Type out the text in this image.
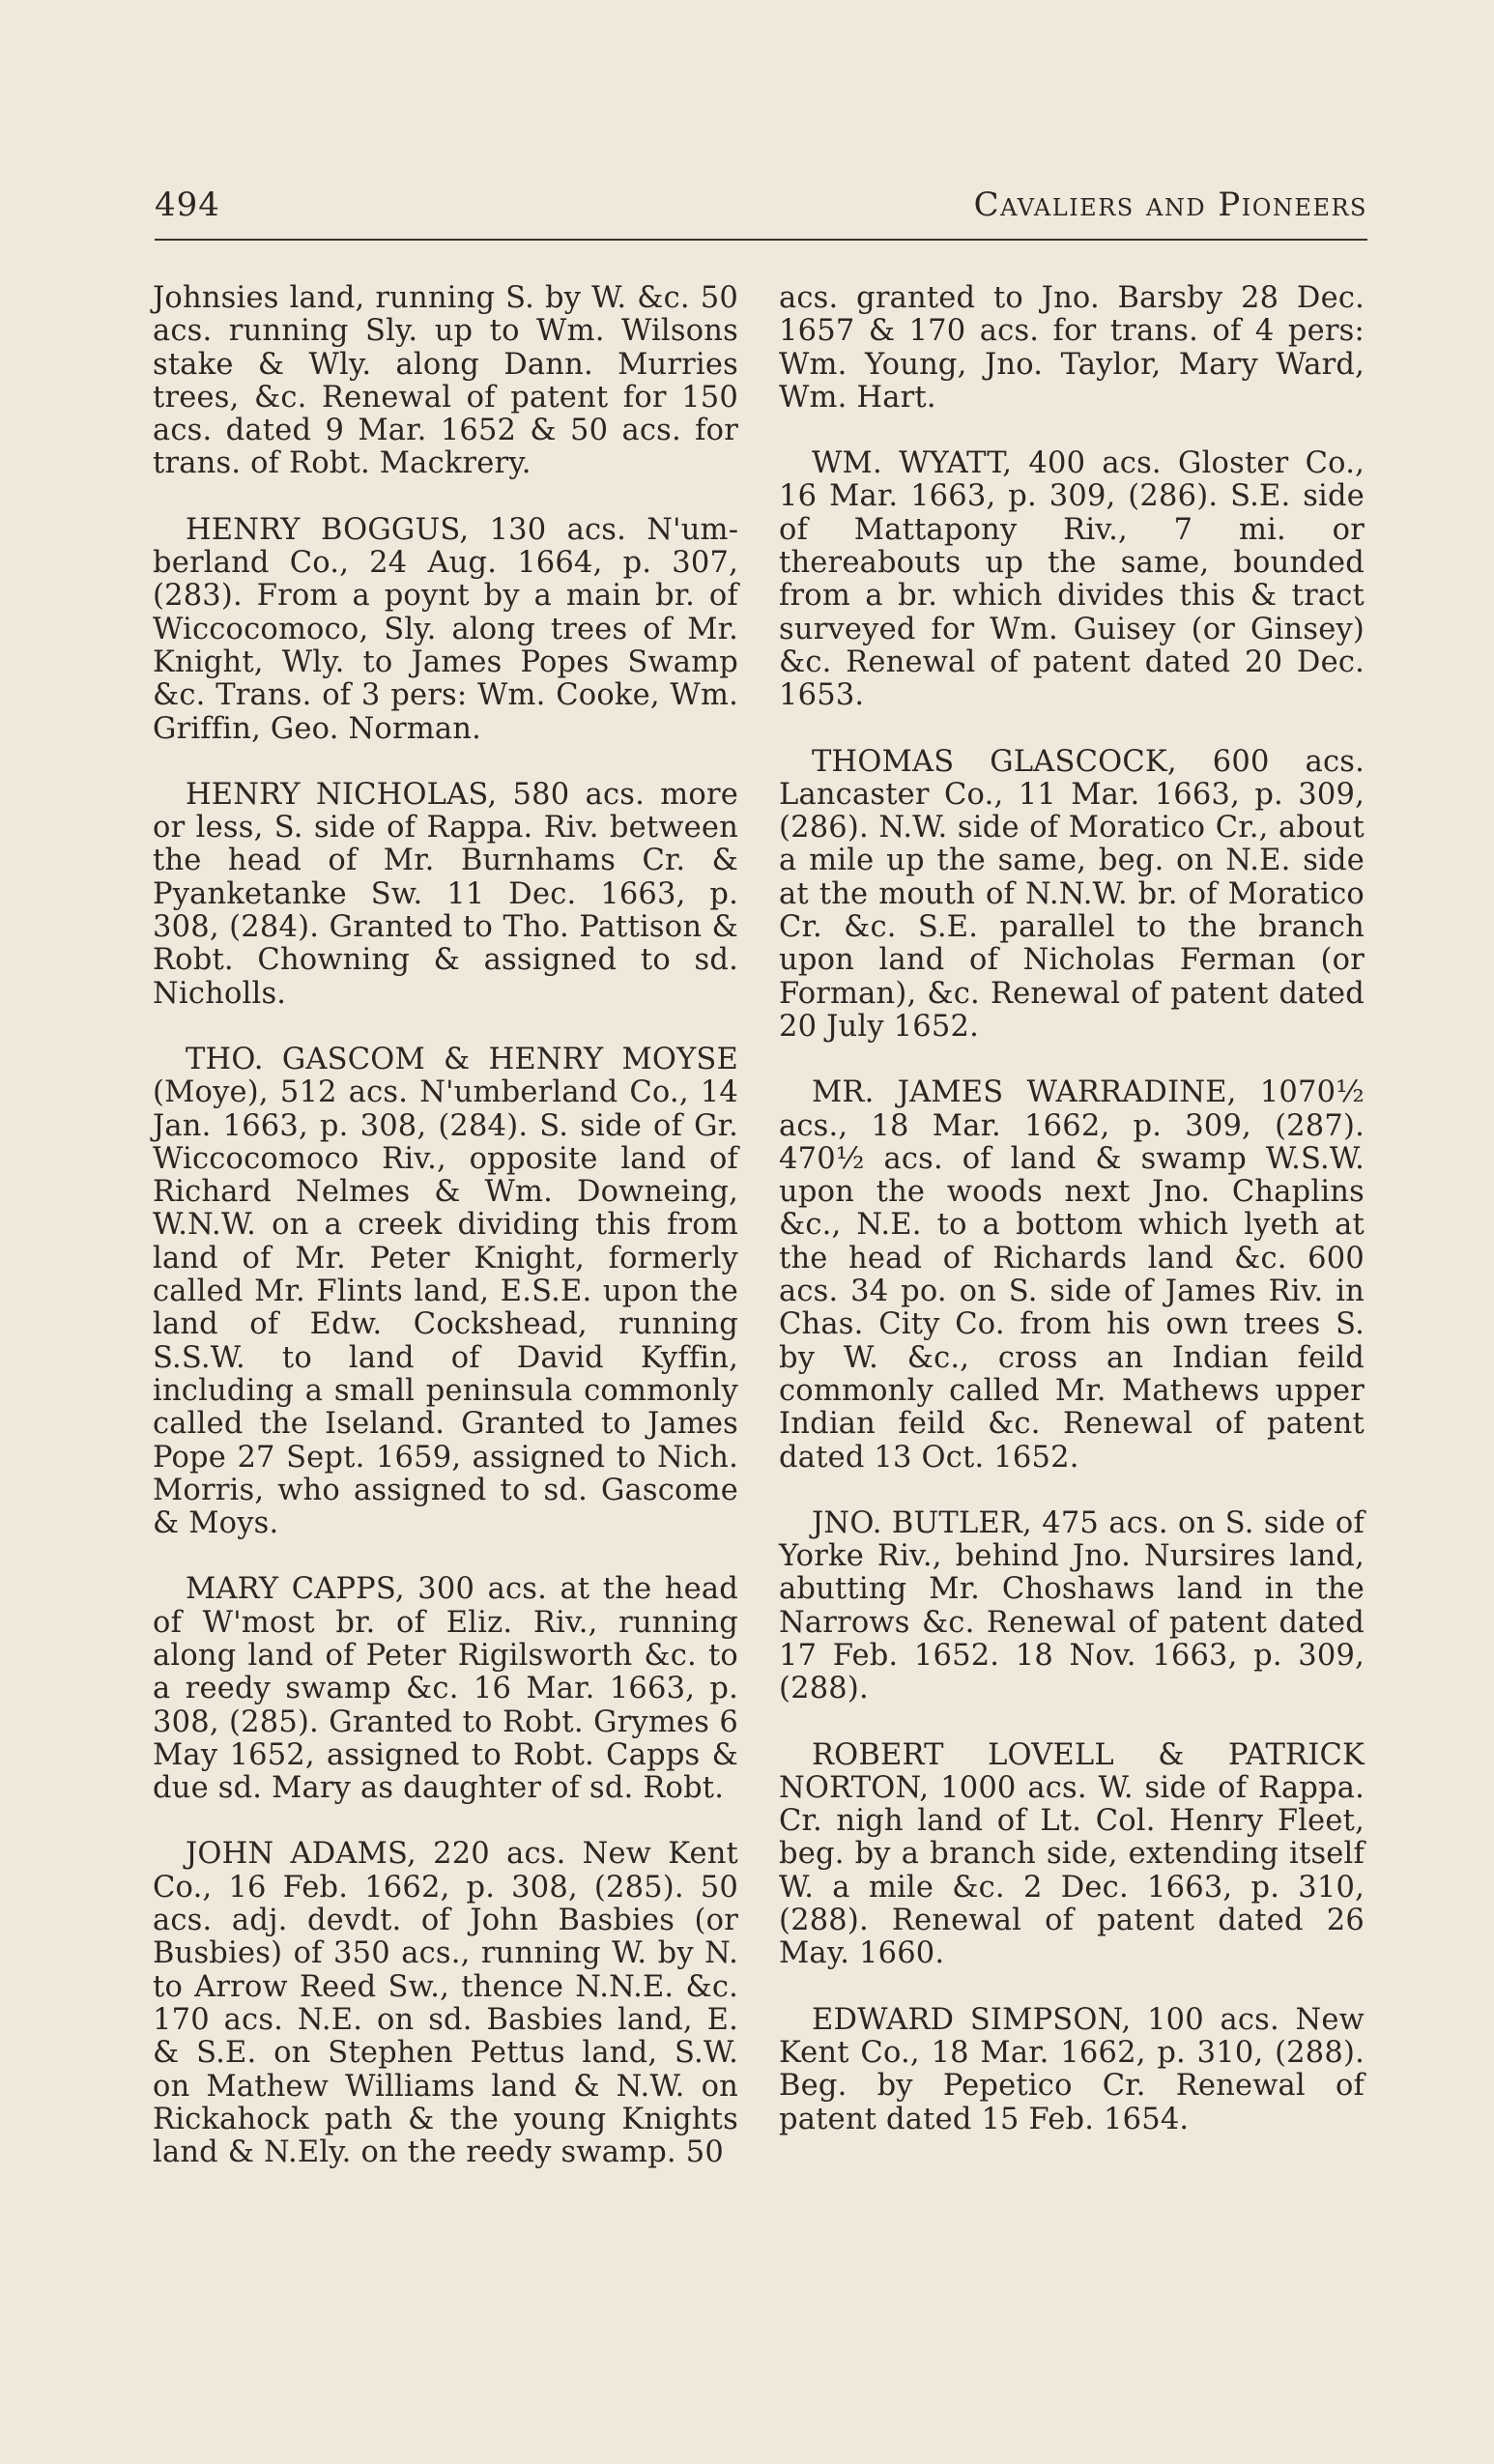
494	Cavaliers and Pioneers

Johnsies land, running S. by W. &c. 50 acs. running Sly. up to Wm. Wilsons stake & Wly. along Dann. Murries trees, &c. Renewal of patent for 150 acs. dated 9 Mar. 1652 & 50 acs. for trans. of Robt. Mackrery.

HENRY BOGGUS, 130 acs. N'umberland Co., 24 Aug. 1664, p. 307, (283). From a poynt by a main br. of Wiccocomoco, Sly. along trees of Mr. Knight, Wly. to James Popes Swamp &c. Trans. of 3 pers: Wm. Cooke, Wm. Griffin, Geo. Norman.

HENRY NICHOLAS, 580 acs. more or less, S. side of Rappa. Riv. between the head of Mr. Burnhams Cr. & Pyanketanke Sw. 11 Dec. 1663, p. 308, (284). Granted to Tho. Pattison & Robt. Chowning & assigned to sd. Nicholls.

THO. GASCOM & HENRY MOYSE (Moye), 512 acs. N'umberland Co., 14 Jan. 1663, p. 308, (284). S. side of Gr. Wiccocomoco Riv., opposite land of Richard Nelmes & Wm. Downeing, W.N.W. on a creek dividing this from land of Mr. Peter Knight, formerly called Mr. Flints land, E.S.E. upon the land of Edw. Cockshead, running S.S.W. to land of David Kyffin, including a small peninsula commonly called the Iseland. Granted to James Pope 27 Sept. 1659, assigned to Nich. Morris, who assigned to sd. Gascome & Moys.

MARY CAPPS, 300 acs. at the head of W'most br. of Eliz. Riv., running along land of Peter Rigilsworth &c. to a reedy swamp &c. 16 Mar. 1663, p. 308, (285). Granted to Robt. Grymes 6 May 1652, assigned to Robt. Capps & due sd. Mary as daughter of sd. Robt.

JOHN ADAMS, 220 acs. New Kent Co., 16 Feb. 1662, p. 308, (285). 50 acs. adj. devdt. of John Basbies (or Busbies) of 350 acs., running W. by N. to Arrow Reed Sw., thence N.N.E. &c. 170 acs. N.E. on sd. Basbies land, E. & S.E. on Stephen Pettus land, S.W. on Mathew Williams land & N.W. on Rickahock path & the young Knights land & N.Ely. on the reedy swamp. 50

acs. granted to Jno. Barsby 28 Dec. 1657 & 170 acs. for trans. of 4 pers: Wm. Young, Jno. Taylor, Mary Ward, Wm. Hart.

WM. WYATT, 400 acs. Gloster Co., 16 Mar. 1663, p. 309, (286). S.E. side of Mattapony Riv., 7 mi. or thereabouts up the same, bounded from a br. which divides this & tract surveyed for Wm. Guisey (or Ginsey) &c. Renewal of patent dated 20 Dec. 1653.

THOMAS GLASCOCK, 600 acs. Lancaster Co., 11 Mar. 1663, p. 309, (286). N.W. side of Moratico Cr., about a mile up the same, beg. on N.E. side at the mouth of N.N.W. br. of Moratico Cr. &c. S.E. parallel to the branch upon land of Nicholas Ferman (or Forman), &c. Renewal of patent dated 20 July 1652.

MR. JAMES WARRADINE, 1070½ acs., 18 Mar. 1662, p. 309, (287). 470½ acs. of land & swamp W.S.W. upon the woods next Jno. Chaplins &c., N.E. to a bottom which lyeth at the head of Richards land &c. 600 acs. 34 po. on S. side of James Riv. in Chas. City Co. from his own trees S. by W. &c., cross an Indian feild commonly called Mr. Mathews upper Indian feild &c. Renewal of patent dated 13 Oct. 1652.

JNO. BUTLER, 475 acs. on S. side of Yorke Riv., behind Jno. Nursires land, abutting Mr. Choshaws land in the Narrows &c. Renewal of patent dated 17 Feb. 1652. 18 Nov. 1663, p. 309, (288).

ROBERT LOVELL & PATRICK NORTON, 1000 acs. W. side of Rappa. Cr. nigh land of Lt. Col. Henry Fleet, beg. by a branch side, extending itself W. a mile &c. 2 Dec. 1663, p. 310, (288). Renewal of patent dated 26 May. 1660.

EDWARD SIMPSON, 100 acs. New Kent Co., 18 Mar. 1662, p. 310, (288). Beg. by Pepetico Cr. Renewal of patent dated 15 Feb. 1654.
